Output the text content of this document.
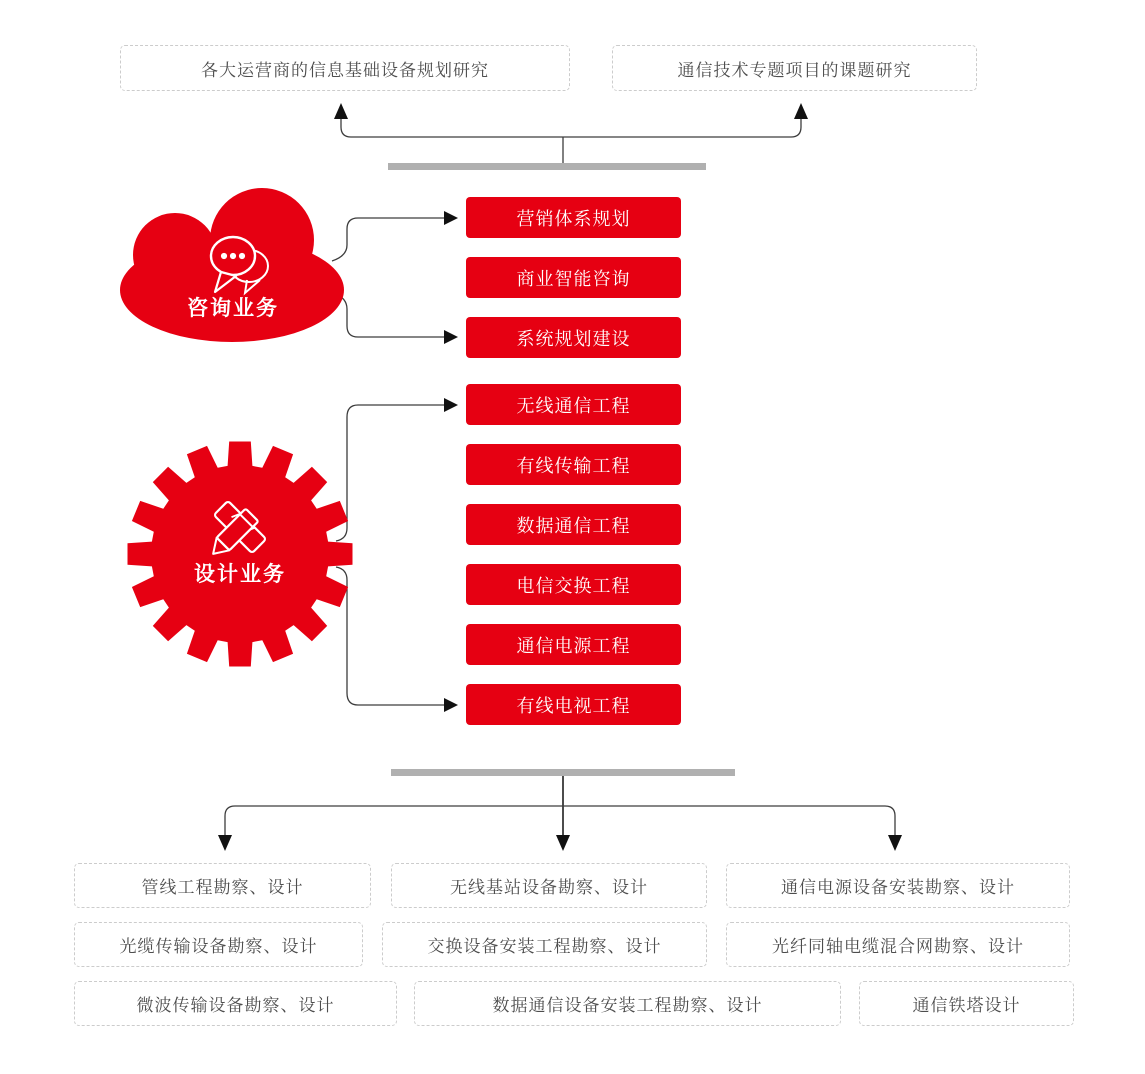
各大运营商的信息基础设备规划研究	通信技术专题项目的课题研究
咨询业务
设计业务
营销体系规划
商业智能咨询
系统规划建设
无线通信工程
有线传输工程
数据通信工程
电信交换工程
通信电源工程
有线电视工程
管线工程勘察、设计	无线基站设备勘察、设计	通信电源设备安装勘察、设计
光缆传输设备勘察、设计	交换设备安装工程勘察、设计	光纤同轴电缆混合网勘察、设计
微波传输设备勘察、设计	数据通信设备安装工程勘察、设计	通信铁塔设计
